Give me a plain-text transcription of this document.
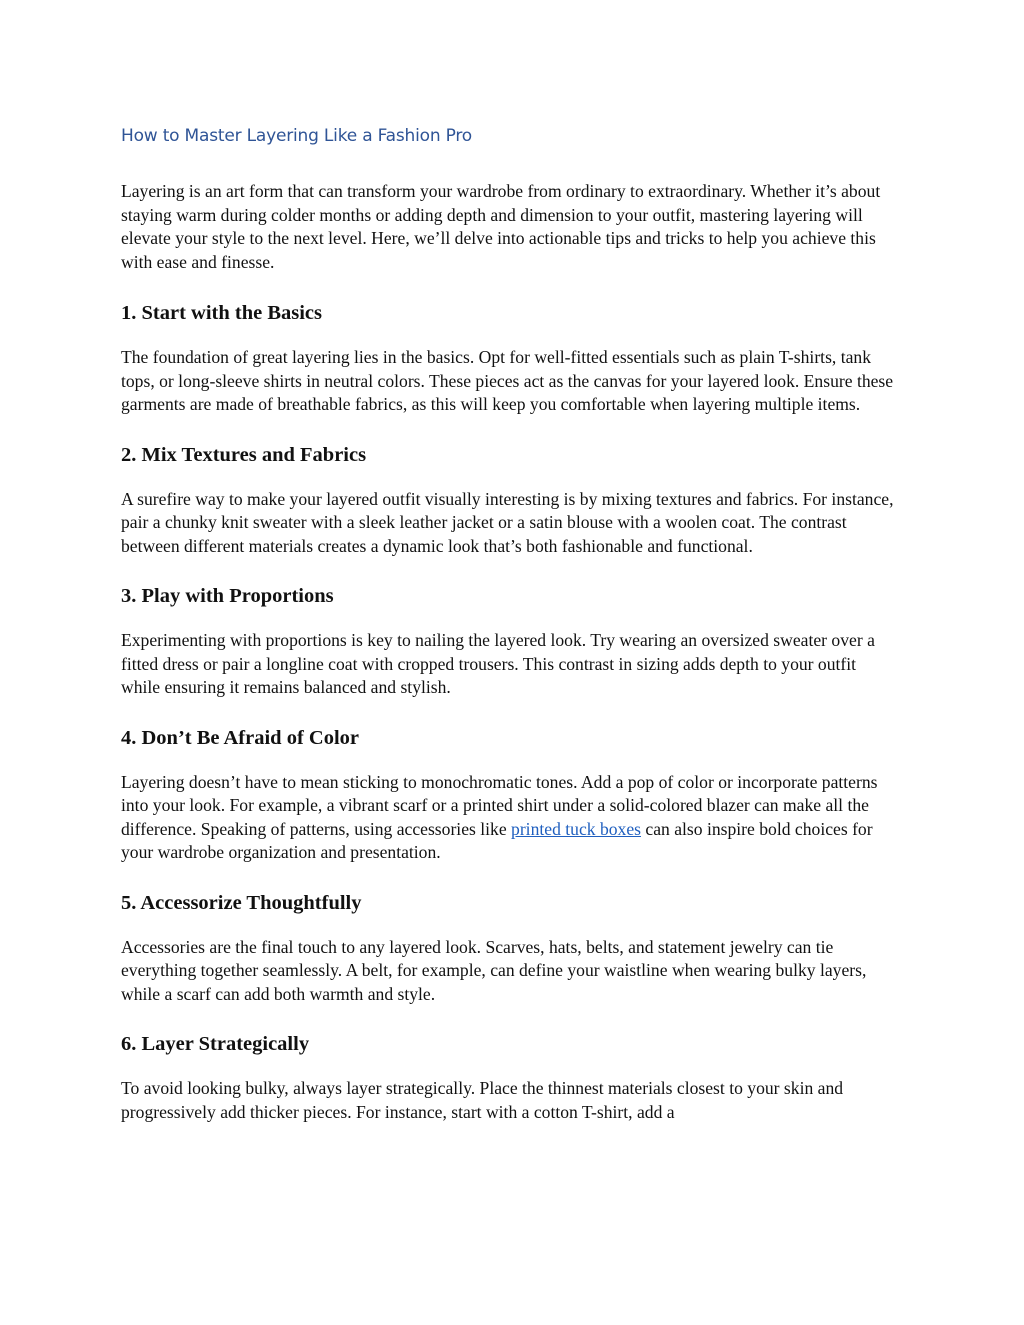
How to Master Layering Like a Fashion Pro

Layering is an art form that can transform your wardrobe from ordinary to extraordinary. Whether it’s about staying warm during colder months or adding depth and dimension to your outfit, mastering layering will elevate your style to the next level. Here, we’ll delve into actionable tips and tricks to help you achieve this with ease and finesse.

1. Start with the Basics

The foundation of great layering lies in the basics. Opt for well-fitted essentials such as plain T-shirts, tank tops, or long-sleeve shirts in neutral colors. These pieces act as the canvas for your layered look. Ensure these garments are made of breathable fabrics, as this will keep you comfortable when layering multiple items.

2. Mix Textures and Fabrics

A surefire way to make your layered outfit visually interesting is by mixing textures and fabrics. For instance, pair a chunky knit sweater with a sleek leather jacket or a satin blouse with a woolen coat. The contrast between different materials creates a dynamic look that’s both fashionable and functional.

3. Play with Proportions

Experimenting with proportions is key to nailing the layered look. Try wearing an oversized sweater over a fitted dress or pair a longline coat with cropped trousers. This contrast in sizing adds depth to your outfit while ensuring it remains balanced and stylish.

4. Don’t Be Afraid of Color

Layering doesn’t have to mean sticking to monochromatic tones. Add a pop of color or incorporate patterns into your look. For example, a vibrant scarf or a printed shirt under a solid-colored blazer can make all the difference. Speaking of patterns, using accessories like printed tuck boxes can also inspire bold choices for your wardrobe organization and presentation.

5. Accessorize Thoughtfully

Accessories are the final touch to any layered look. Scarves, hats, belts, and statement jewelry can tie everything together seamlessly. A belt, for example, can define your waistline when wearing bulky layers, while a scarf can add both warmth and style.

6. Layer Strategically

To avoid looking bulky, always layer strategically. Place the thinnest materials closest to your skin and progressively add thicker pieces. For instance, start with a cotton T-shirt, add a
